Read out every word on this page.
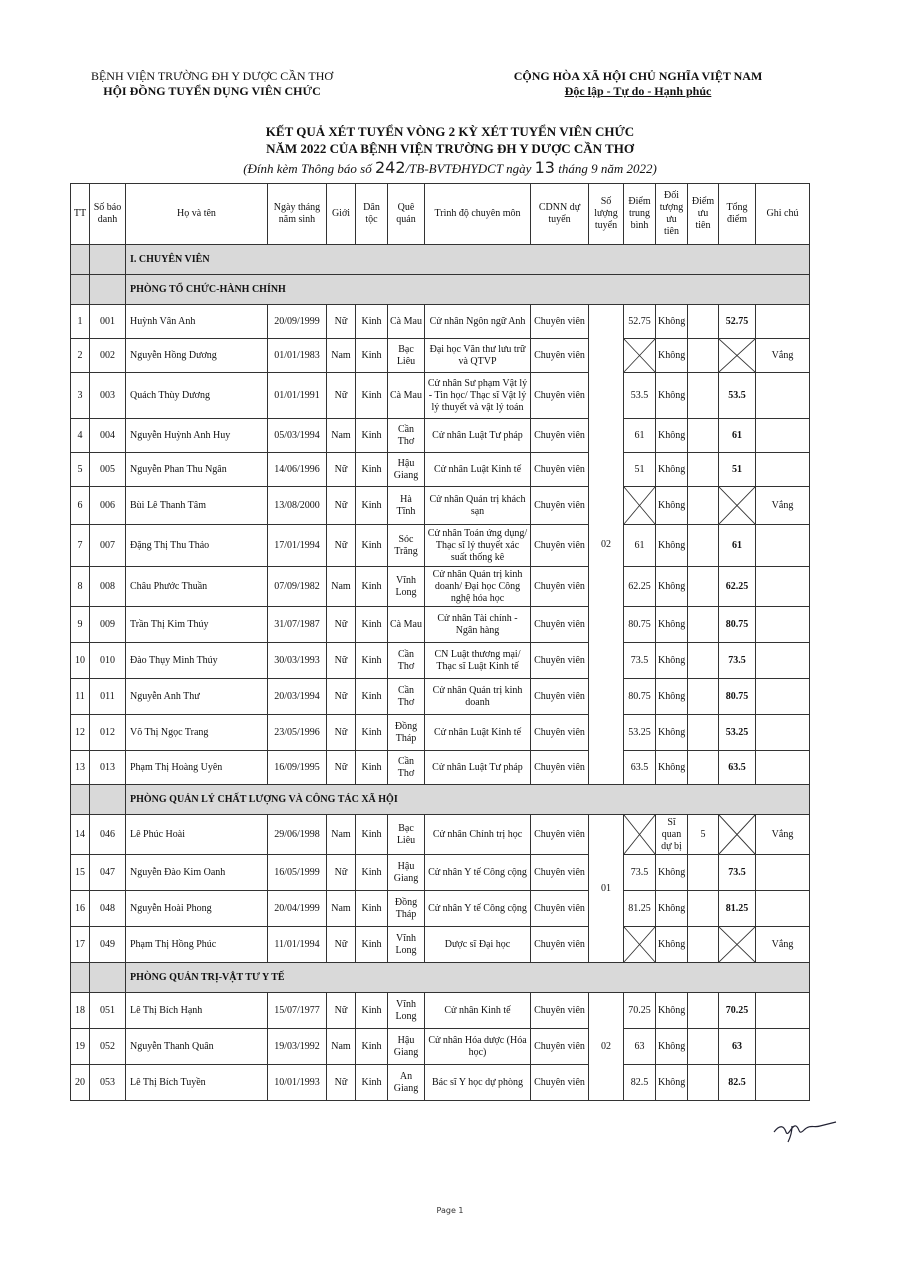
BỆNH VIỆN TRƯỜNG ĐH Y DƯỢC CẦN THƠ
HỘI ĐỒNG TUYỂN DỤNG VIÊN CHỨC
CỘNG HÒA XÃ HỘI CHỦ NGHĨA VIỆT NAM
Độc lập - Tự do - Hạnh phúc
KẾT QUẢ XÉT TUYỂN VÒNG 2 KỲ XÉT TUYỂN VIÊN CHỨC
NĂM 2022 CỦA BỆNH VIỆN TRƯỜNG ĐH Y DƯỢC CẦN THƠ
(Đính kèm Thông báo số 242/TB-BVTĐHYDCT ngày 13 tháng 9 năm 2022)
TT	Số báo danh	Họ và tên	Ngày tháng năm sinh	Giới	Dân tộc	Quê quán	Trình độ chuyên môn	CDNN dự tuyển	Số lượng tuyển	Điểm trung bình	Đối tượng ưu tiên	Điểm ưu tiên	Tổng điểm	Ghi chú
		I. CHUYÊN VIÊN												
		PHÒNG TỔ CHỨC-HÀNH CHÍNH												
1	001	Huỳnh Vân Anh	20/09/1999	Nữ	Kinh	Cà Mau	Cử nhân Ngôn ngữ Anh	Chuyên viên	02	52.75	Không		52.75	
2	002	Nguyễn Hồng Dương	01/01/1983	Nam	Kinh	Bạc Liêu	Đại học Văn thư lưu trữ và QTVP	Chuyên viên			Không			Vắng
3	003	Quách Thùy Dương	01/01/1991	Nữ	Kinh	Cà Mau	Cử nhân Sư phạm Vật lý - Tin học/ Thạc sĩ Vật lý lý thuyết và vật lý toán	Chuyên viên		53.5	Không		53.5	
4	004	Nguyễn Huỳnh Anh Huy	05/03/1994	Nam	Kinh	Cần Thơ	Cử nhân Luật Tư pháp	Chuyên viên		61	Không		61	
5	005	Nguyễn Phan Thu Ngân	14/06/1996	Nữ	Kinh	Hậu Giang	Cử nhân Luật Kinh tế	Chuyên viên		51	Không		51	
6	006	Bùi Lê Thanh Tâm	13/08/2000	Nữ	Kinh	Hà Tĩnh	Cử nhân Quản trị khách sạn	Chuyên viên			Không			Vắng
7	007	Đặng Thị Thu Thảo	17/01/1994	Nữ	Kinh	Sóc Trăng	Cử nhân Toán ứng dụng/ Thạc sĩ lý thuyết xác suất thống kê	Chuyên viên		61	Không		61	
8	008	Châu Phước Thuần	07/09/1982	Nam	Kinh	Vĩnh Long	Cử nhân Quản trị kinh doanh/ Đại học Công nghệ hóa học	Chuyên viên		62.25	Không		62.25	
9	009	Trần Thị Kim Thúy	31/07/1987	Nữ	Kinh	Cà Mau	Cử nhân Tài chính - Ngân hàng	Chuyên viên		80.75	Không		80.75	
10	010	Đào Thụy Minh Thúy	30/03/1993	Nữ	Kinh	Cần Thơ	CN Luật thương mại/ Thạc sĩ Luật Kinh tế	Chuyên viên		73.5	Không		73.5	
11	011	Nguyễn Anh Thư	20/03/1994	Nữ	Kinh	Cần Thơ	Cử nhân Quản trị kinh doanh	Chuyên viên		80.75	Không		80.75	
12	012	Võ Thị Ngọc Trang	23/05/1996	Nữ	Kinh	Đồng Tháp	Cử nhân Luật Kinh tế	Chuyên viên		53.25	Không		53.25	
13	013	Phạm Thị Hoàng Uyên	16/09/1995	Nữ	Kinh	Cần Thơ	Cử nhân Luật Tư pháp	Chuyên viên		63.5	Không		63.5	
		PHÒNG QUẢN LÝ CHẤT LƯỢNG VÀ CÔNG TÁC XÃ HỘI												
14	046	Lê Phúc Hoài	29/06/1998	Nam	Kinh	Bạc Liêu	Cử nhân Chính trị học	Chuyên viên	01		Sĩ quan dự bị	5		Vắng
15	047	Nguyễn Đào Kim Oanh	16/05/1999	Nữ	Kinh	Hậu Giang	Cử nhân Y tế Công cộng	Chuyên viên		73.5	Không		73.5	
16	048	Nguyễn Hoài Phong	20/04/1999	Nam	Kinh	Đồng Tháp	Cử nhân Y tế Công cộng	Chuyên viên		81.25	Không		81.25	
17	049	Phạm Thị Hồng Phúc	11/01/1994	Nữ	Kinh	Vĩnh Long	Dược sĩ Đại học	Chuyên viên			Không			Vắng
		PHÒNG QUẢN TRỊ-VẬT TƯ Y TẾ												
18	051	Lê Thị Bích Hạnh	15/07/1977	Nữ	Kinh	Vĩnh Long	Cử nhân Kinh tế	Chuyên viên	02	70.25	Không		70.25	
19	052	Nguyễn Thanh Quân	19/03/1992	Nam	Kinh	Hậu Giang	Cử nhân Hóa dược (Hóa học)	Chuyên viên		63	Không		63	
20	053	Lê Thị Bích Tuyền	10/01/1993	Nữ	Kinh	An Giang	Bác sĩ Y học dự phòng	Chuyên viên		82.5	Không		82.5	
Page 1
